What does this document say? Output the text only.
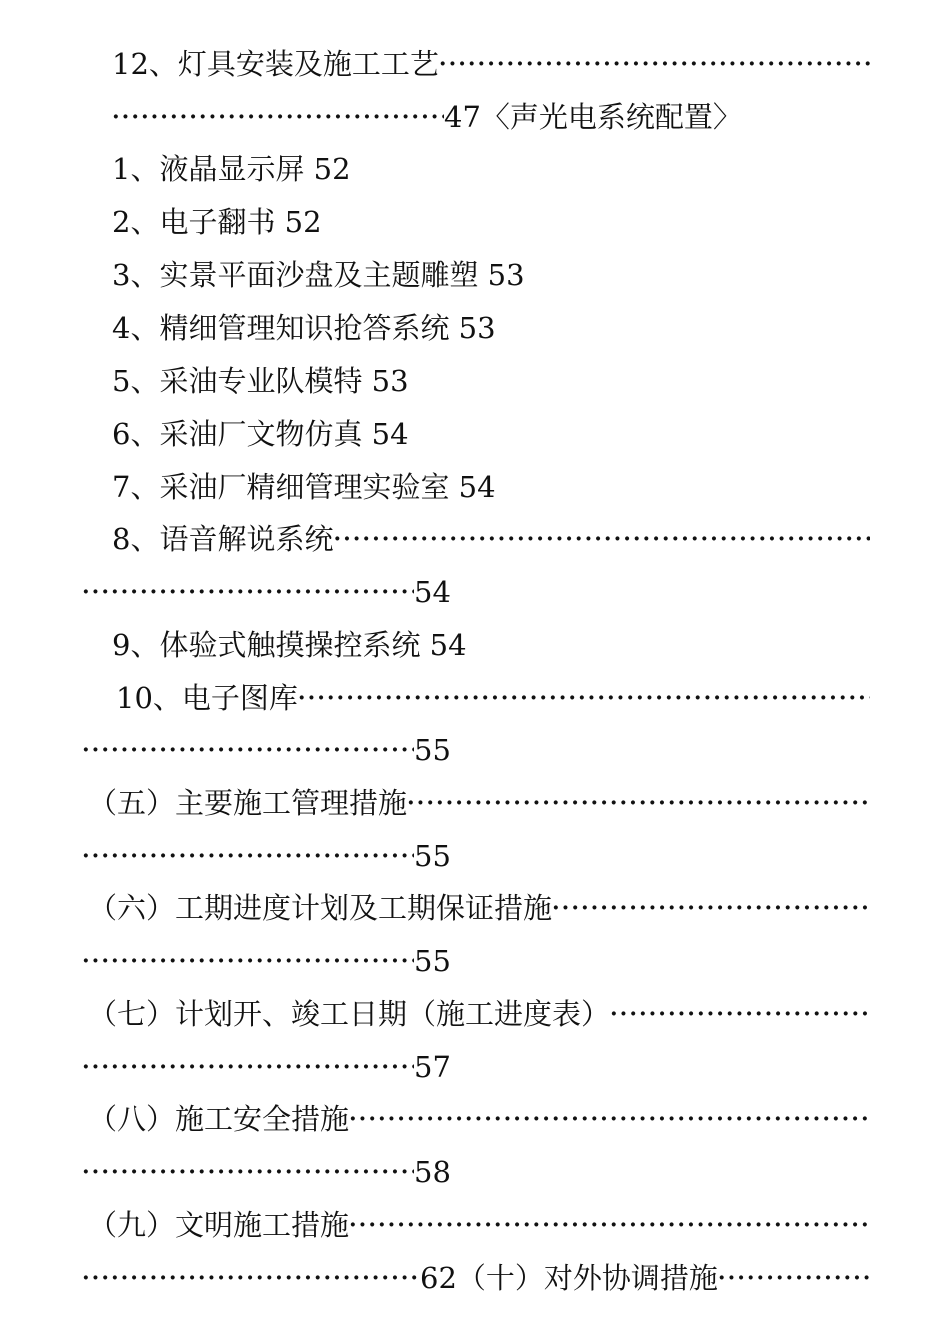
12、灯具安装及施工工艺
·····
·····
47 〈声光电系统配置〉
1、液晶显示屏 52
2、电子翻书 52
3、实景平面沙盘及主题雕塑 53
4、精细管理知识抢答系统 53
5、采油专业队模特 53
6、采油厂文物仿真 54
7、采油厂精细管理实验室 54
8、语音解说系统
·····
·····
54
9、体验式触摸操控系统 54
10、电子图库
·····
·····
55
（五）主要施工管理措施
·····
·····
55
（六）工期进度计划及工期保证措施
·····
·····
55
（七）计划开、竣工日期（施工进度表）
·····
·····
57
（八）施工安全措施
·····
·····
58
（九）文明施工措施
·····
·····
62 （十）对外协调措施
·····
